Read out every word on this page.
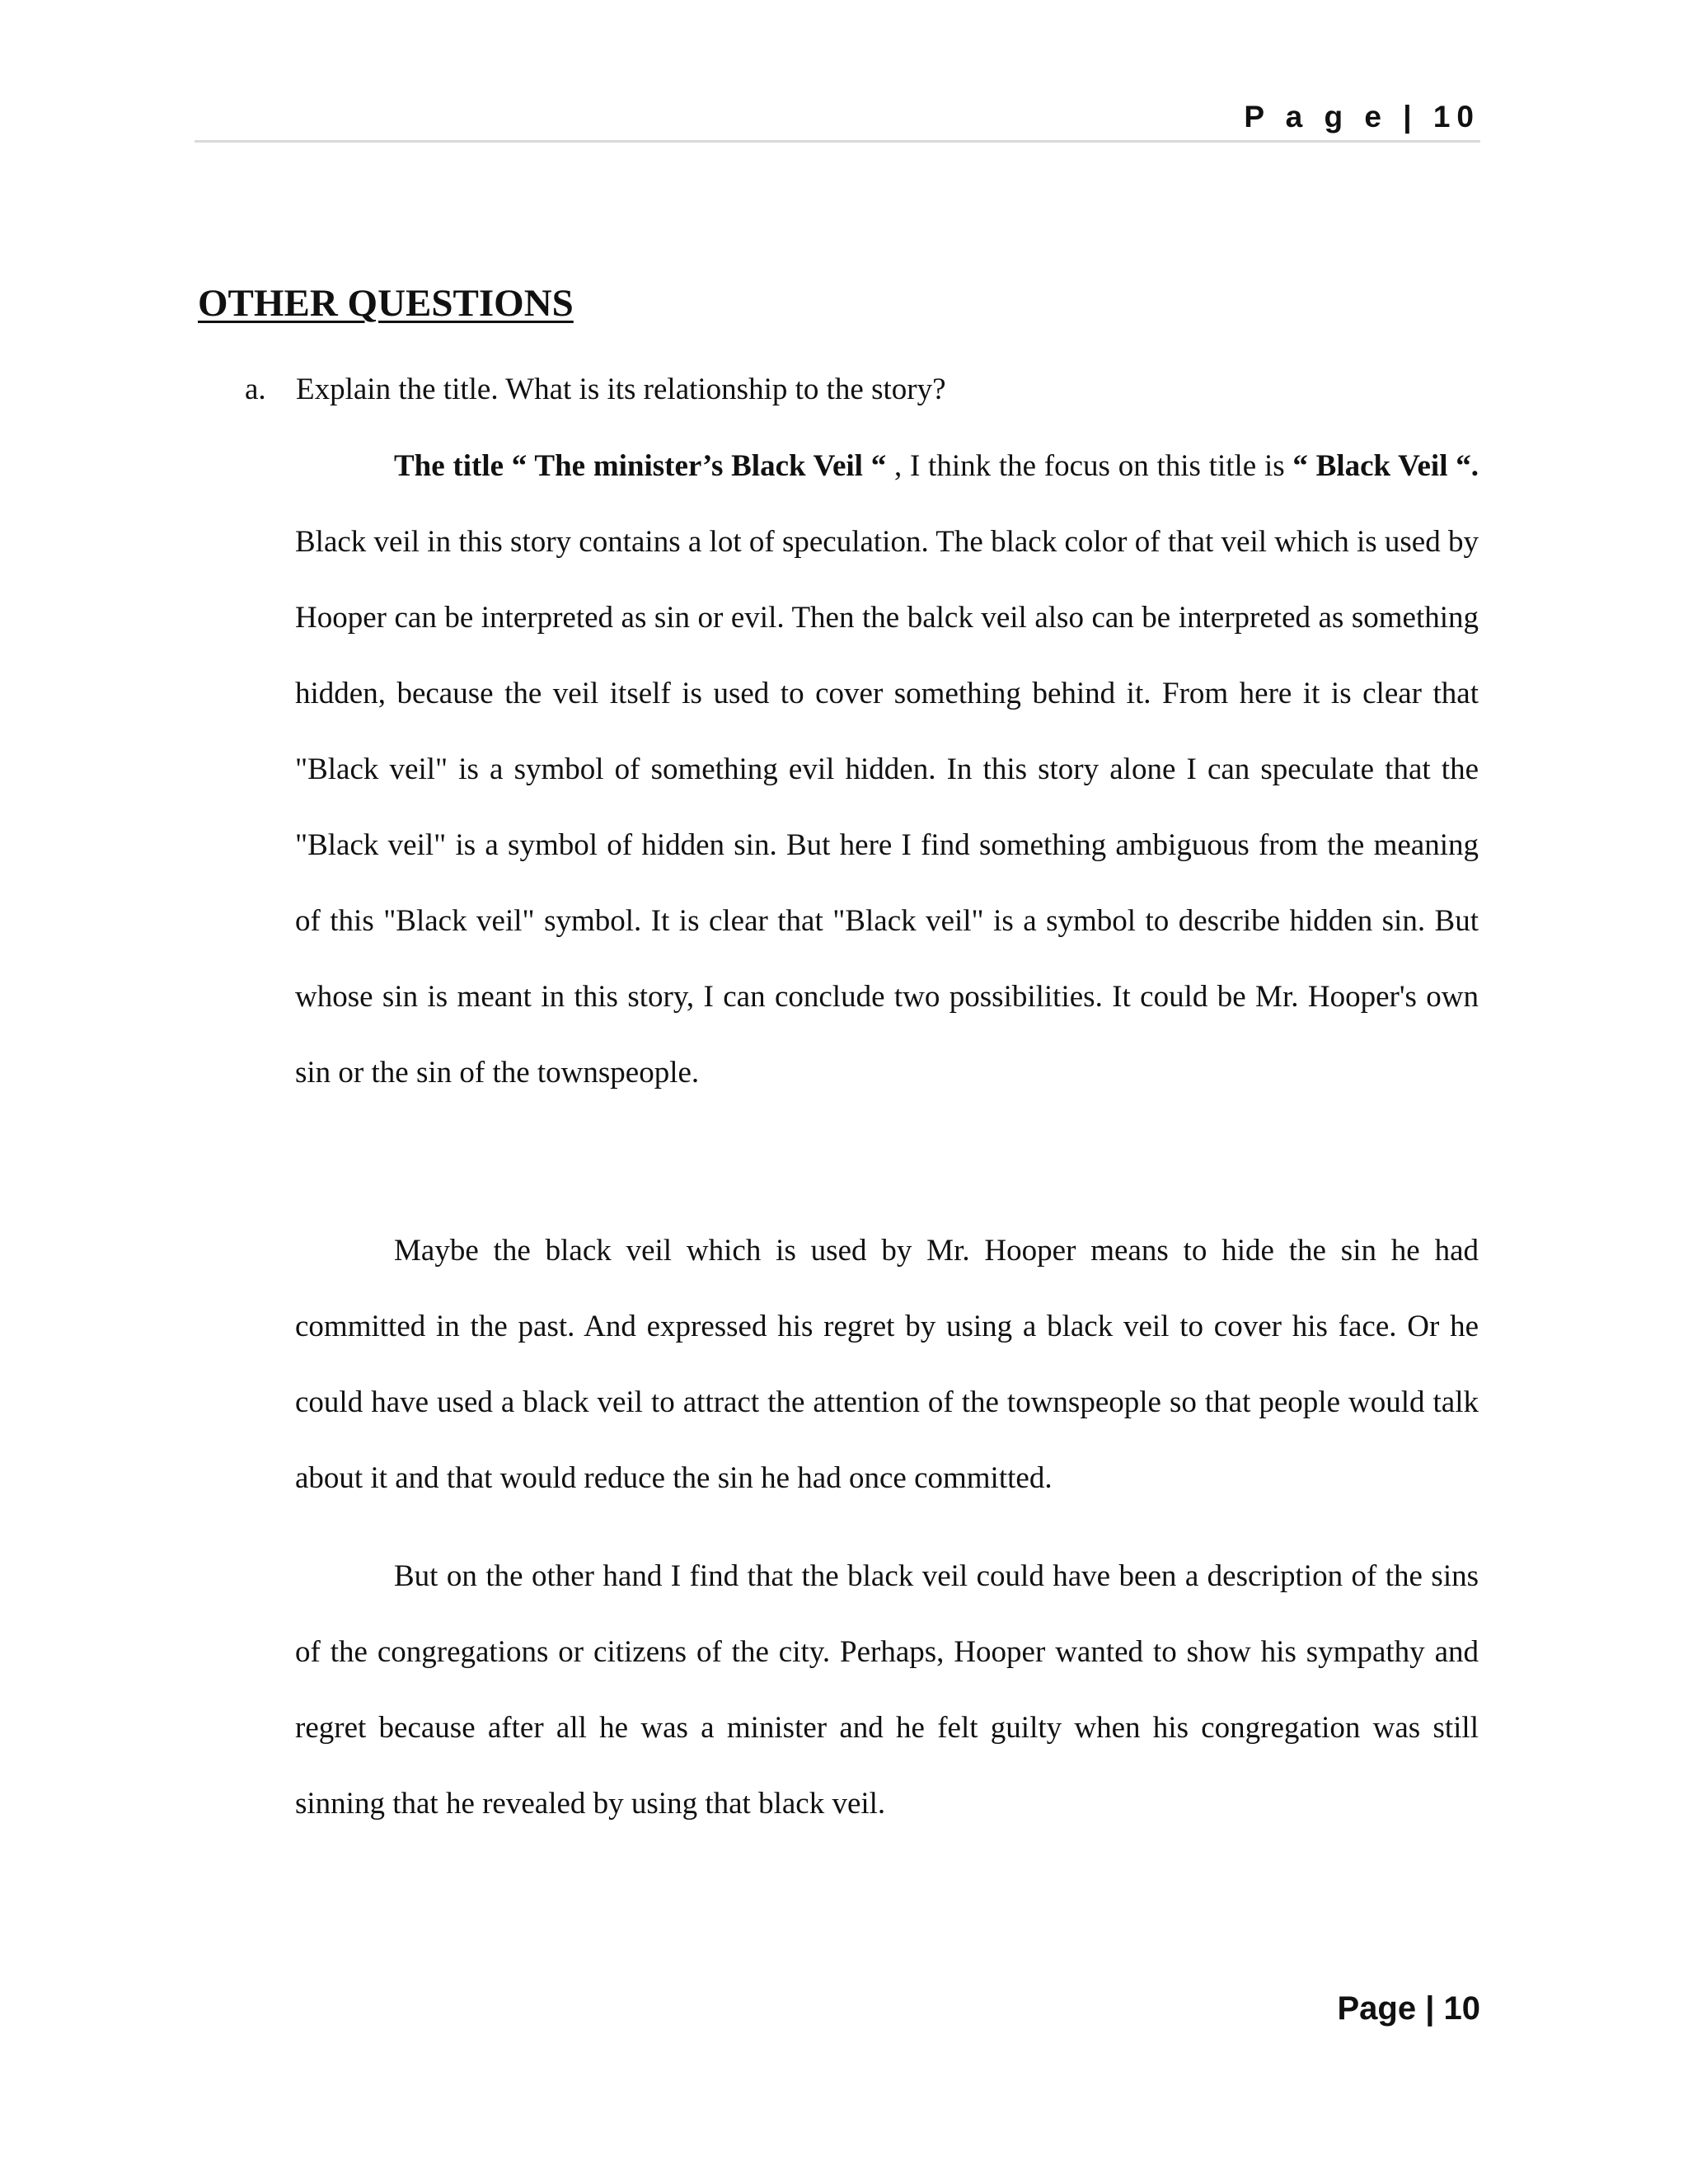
P a g e | 10
OTHER QUESTIONS
a. Explain the title. What is its relationship to the story?

The title “ The minister’s Black Veil “ , I think the focus on this title is “ Black Veil “. Black veil in this story contains a lot of speculation. The black color of that veil which is used by Hooper can be interpreted as sin or evil. Then the balck veil also can be interpreted as something hidden, because the veil itself is used to cover something behind it. From here it is clear that "Black veil" is a symbol of something evil hidden. In this story alone I can speculate that the "Black veil" is a symbol of hidden sin. But here I find something ambiguous from the meaning of this "Black veil" symbol. It is clear that "Black veil" is a symbol to describe hidden sin. But whose sin is meant in this story, I can conclude two possibilities. It could be Mr. Hooper's own sin or the sin of the townspeople.

Maybe the black veil which is used by Mr. Hooper means to hide the sin he had committed in the past. And expressed his regret by using a black veil to cover his face. Or he could have used a black veil to attract the attention of the townspeople so that people would talk about it and that would reduce the sin he had once committed.

But on the other hand I find that the black veil could have been a description of the sins of the congregations or citizens of the city. Perhaps, Hooper wanted to show his sympathy and regret because after all he was a minister and he felt guilty when his congregation was still sinning that he revealed by using that black veil.

Page | 10
